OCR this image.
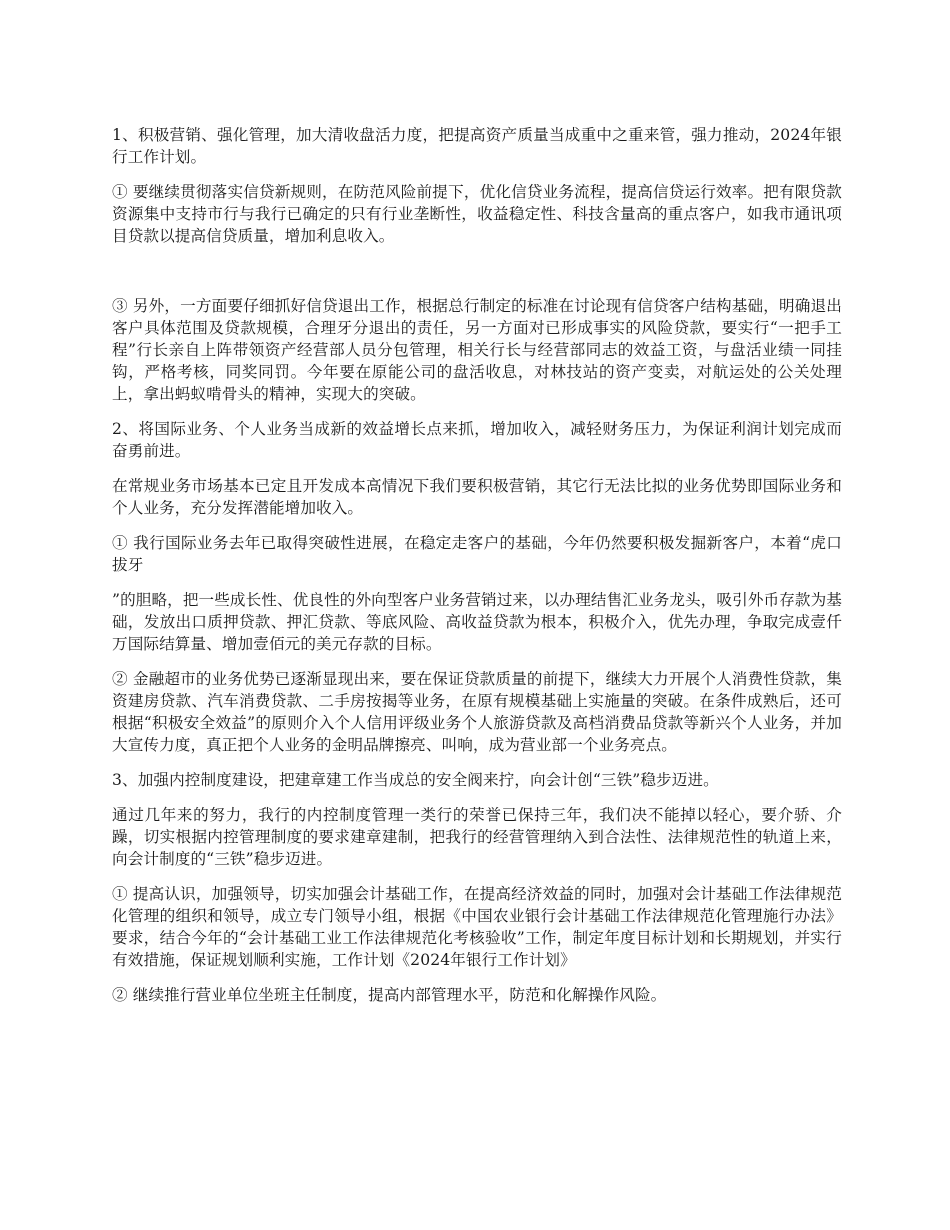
1、积极营销、强化管理，加大清收盘活力度，把提高资产质量当成重中之重来管，强力推动，2024年银行工作计划。

① 要继续贯彻落实信贷新规则，在防范风险前提下，优化信贷业务流程，提高信贷运行效率。把有限贷款资源集中支持市行与我行已确定的只有行业垄断性，收益稳定性、科技含量高的重点客户，如我市通讯项目贷款以提高信贷质量，增加利息收入。

③ 另外，一方面要仔细抓好信贷退出工作，根据总行制定的标准在讨论现有信贷客户结构基础，明确退出客户具体范围及贷款规模，合理牙分退出的责任，另一方面对已形成事实的风险贷款，要实行“一把手工程”行长亲自上阵带领资产经营部人员分包管理，相关行长与经营部同志的效益工资，与盘活业绩一同挂钩，严格考核，同奖同罚。今年要在原能公司的盘活收息，对林技站的资产变卖，对航运处的公关处理上，拿出蚂蚁啃骨头的精神，实现大的突破。

2、将国际业务、个人业务当成新的效益增长点来抓，增加收入，减轻财务压力，为保证利润计划完成而奋勇前进。

在常规业务市场基本已定且开发成本高情况下我们要积极营销，其它行无法比拟的业务优势即国际业务和个人业务，充分发挥潜能增加收入。

① 我行国际业务去年已取得突破性进展，在稳定走客户的基础，今年仍然要积极发掘新客户，本着“虎口拔牙

”的胆略，把一些成长性、优良性的外向型客户业务营销过来，以办理结售汇业务龙头，吸引外币存款为基础，发放出口质押贷款、押汇贷款、等底风险、高收益贷款为根本，积极介入，优先办理，争取完成壹仟万国际结算量、增加壹佰元的美元存款的目标。

② 金融超市的业务优势已逐渐显现出来，要在保证贷款质量的前提下，继续大力开展个人消费性贷款，集资建房贷款、汽车消费贷款、二手房按揭等业务，在原有规模基础上实施量的突破。在条件成熟后，还可根据“积极安全效益”的原则介入个人信用评级业务个人旅游贷款及高档消费品贷款等新兴个人业务，并加大宣传力度，真正把个人业务的金明品牌擦亮、叫响，成为营业部一个业务亮点。

3、加强内控制度建设，把建章建工作当成总的安全阀来拧，向会计创“三铁”稳步迈进。

通过几年来的努力，我行的内控制度管理一类行的荣誉已保持三年，我们决不能掉以轻心，要介骄、介躁，切实根据内控管理制度的要求建章建制，把我行的经营管理纳入到合法性、法律规范性的轨道上来，向会计制度的“三铁”稳步迈进。

① 提高认识，加强领导，切实加强会计基础工作，在提高经济效益的同时，加强对会计基础工作法律规范化管理的组织和领导，成立专门领导小组，根据《中国农业银行会计基础工作法律规范化管理施行办法》要求，结合今年的“会计基础工业工作法律规范化考核验收”工作，制定年度目标计划和长期规划，并实行有效措施，保证规划顺利实施，工作计划《2024年银行工作计划》

② 继续推行营业单位坐班主任制度，提高内部管理水平，防范和化解操作风险。
